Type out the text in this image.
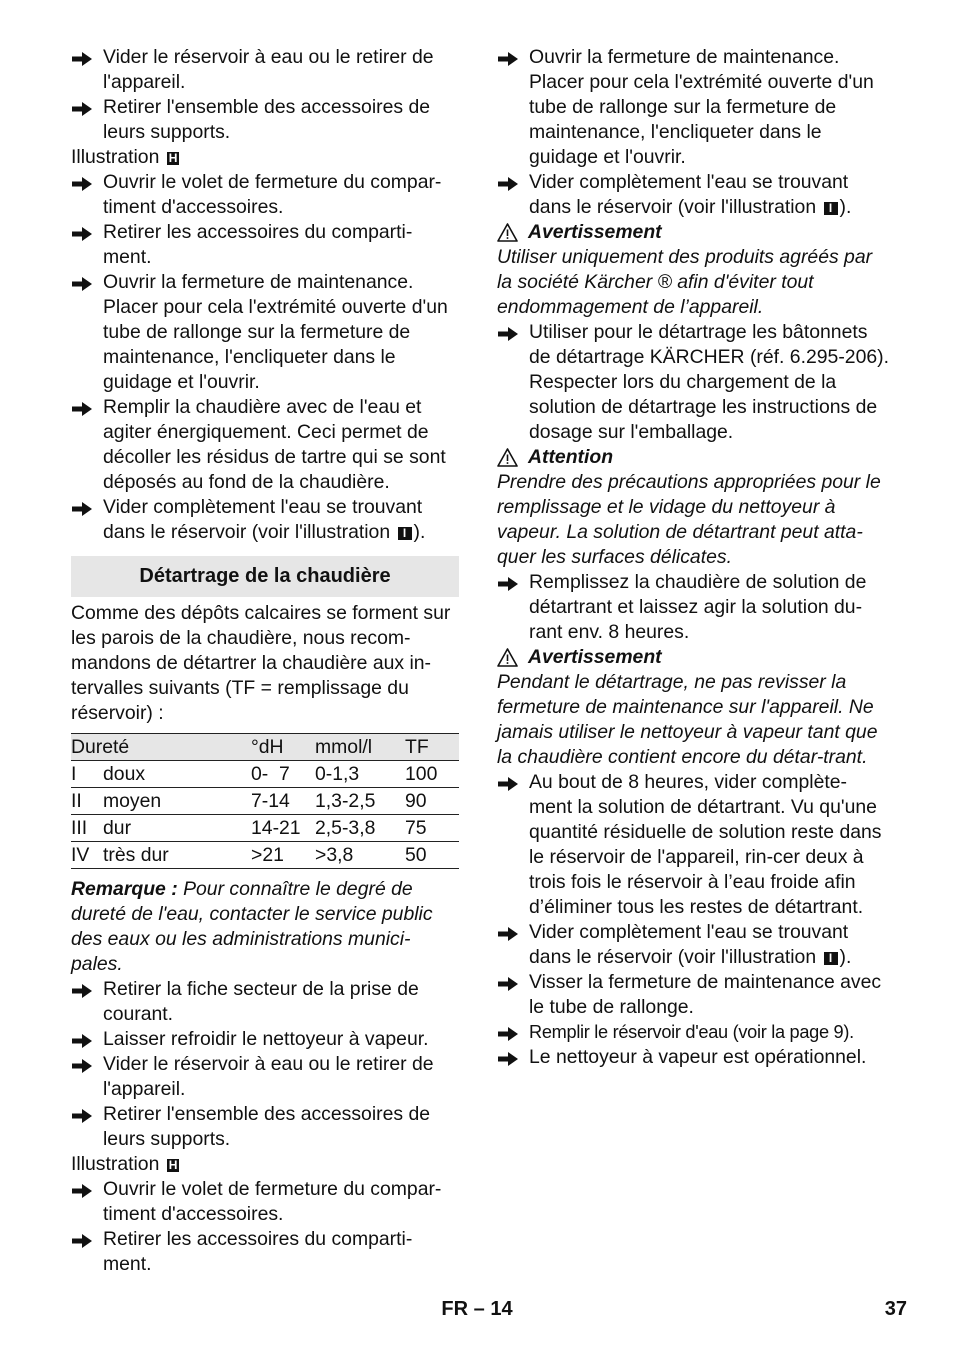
Vider le réservoir à eau ou le retirer de l'appareil.
Retirer l'ensemble des accessoires de leurs supports.
Illustration H
Ouvrir le volet de fermeture du compar-timent d'accessoires.
Retirer les accessoires du comparti-ment.
Ouvrir la fermeture de maintenance. Placer pour cela l'extrémité ouverte d'un tube de rallonge sur la fermeture de maintenance, l'encliqueter dans le guidage et l'ouvrir.
Remplir la chaudière avec de l'eau et agiter énergiquement. Ceci permet de décoller les résidus de tartre qui se sont déposés au fond de la chaudière.
Vider complètement l'eau se trouvant dans le réservoir (voir l'illustration I ).
Détartrage de la chaudière
Comme des dépôts calcaires se forment sur les parois de la chaudière, nous recom-mandons de détartrer la chaudière aux in-tervalles suivants (TF = remplissage du réservoir) :
Dureté		°dH	mmol/l	TF
I	doux	0-  7	0-1,3	100
II	moyen	7-14	1,3-2,5	90
III	dur	14-21	2,5-3,8	75
IV	très dur	>21	>3,8	50
Remarque : Pour connaître le degré de dureté de l'eau, contacter le service public des eaux ou les administrations munici-pales.
Retirer la fiche secteur de la prise de courant.
Laisser refroidir le nettoyeur à vapeur.
Vider le réservoir à eau ou le retirer de l'appareil.
Retirer l'ensemble des accessoires de leurs supports.
Illustration H
Ouvrir le volet de fermeture du compar-timent d'accessoires.
Retirer les accessoires du comparti-ment.
Ouvrir la fermeture de maintenance. Placer pour cela l'extrémité ouverte d'un tube de rallonge sur la fermeture de maintenance, l'encliqueter dans le guidage et l'ouvrir.
Vider complètement l'eau se trouvant dans le réservoir (voir l'illustration I ).
Avertissement
Utiliser uniquement des produits agréés par la société Kärcher ® afin d'éviter tout endommagement de l’appareil.
Utiliser pour le détartrage les bâtonnets de détartrage KÄRCHER (réf. 6.295-206). Respecter lors du chargement de la solution de détartrage les instructions de dosage sur l'emballage.
Attention
Prendre des précautions appropriées pour le remplissage et le vidage du nettoyeur à vapeur. La solution de détartrant peut atta-quer les surfaces délicates.
Remplissez la chaudière de solution de détartrant et laissez agir la solution du-rant env. 8 heures.
Avertissement
Pendant le détartrage, ne pas revisser la fermeture de maintenance sur l'appareil. Ne jamais utiliser le nettoyeur à vapeur tant que la chaudière contient encore du détar-trant.
Au bout de 8 heures, vider complète-ment la solution de détartrant. Vu qu'une quantité résiduelle de solution reste dans le réservoir de l'appareil, rin-cer deux à trois fois le réservoir à l’eau froide afin d’éliminer tous les restes de détartrant.
Vider complètement l'eau se trouvant dans le réservoir (voir l'illustration I ).
Visser la fermeture de maintenance avec le tube de rallonge.
Remplir le réservoir d'eau (voir la page 9).
Le nettoyeur à vapeur est opérationnel.
FR – 14	37
